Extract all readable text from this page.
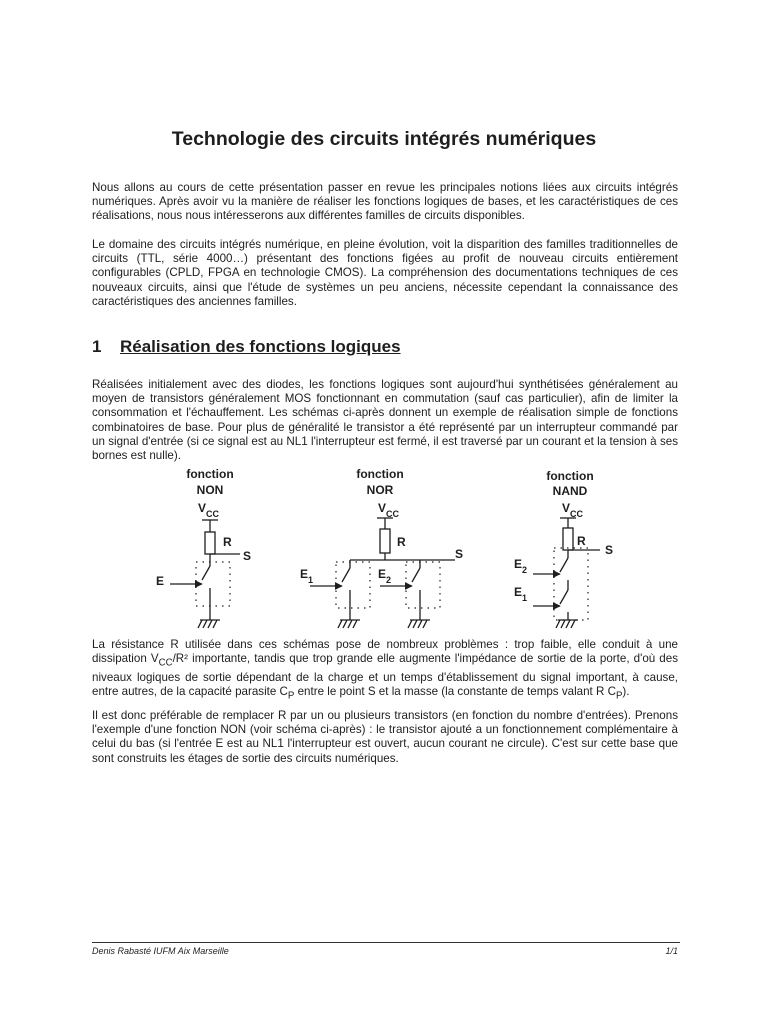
Technologie des circuits intégrés numériques

Nous allons au cours de cette présentation passer en revue les principales notions liées aux circuits intégrés numériques. Après avoir vu la manière de réaliser les fonctions logiques de bases, et les caractéristiques de ces réalisations, nous nous intéresserons aux différentes familles de circuits disponibles.

Le domaine des circuits intégrés numérique, en pleine évolution, voit la disparition des familles traditionnelles de circuits (TTL, série 4000…) présentant des fonctions figées au profit de nouveau circuits entièrement configurables (CPLD, FPGA en technologie CMOS). La compréhension des documentations techniques de ces nouveaux circuits, ainsi que l'étude de systèmes un peu anciens, nécessite cependant la connaissance des caractéristiques des anciennes familles.

1 Réalisation des fonctions logiques

Réalisées initialement avec des diodes, les fonctions logiques sont aujourd'hui synthétisées généralement au moyen de transistors généralement MOS fonctionnant en commutation (sauf cas particulier), afin de limiter la consommation et l'échauffement. Les schémas ci-après donnent un exemple de réalisation simple de fonctions combinatoires de base. Pour plus de généralité le transistor a été représenté par un interrupteur commandé par un signal d'entrée (si ce signal est au NL1 l'interrupteur est fermé, il est traversé par un courant et la tension à ses bornes est nulle).

fonction
NON
$V_{CC}$
R
S
E
fonction
NOR
$V_{CC}$
R
S
$E_1$	$E_2$
fonction
NAND
$V_{CC}$
R
S
$E_2$
$E_1$

La résistance R utilisée dans ces schémas pose de nombreux problèmes : trop faible, elle conduit à une dissipation $V_{CC}/R^2$ importante, tandis que trop grande elle augmente l'impédance de sortie de la porte, d'où des niveaux logiques de sortie dépendant de la charge et un temps d'établissement du signal important, à cause, entre autres, de la capacité parasite $C_P$ entre le point S et la masse (la constante de temps valant R $C_P$).

Il est donc préférable de remplacer R par un ou plusieurs transistors (en fonction du nombre d'entrées). Prenons l'exemple d'une fonction NON (voir schéma ci-après) : le transistor ajouté a un fonctionnement complémentaire à celui du bas (si l'entrée E est au NL1 l'interrupteur est ouvert, aucun courant ne circule). C'est sur cette base que sont construits les étages de sortie des circuits numériques.

Denis Rabasté IUFM Aix Marseille	1/1
